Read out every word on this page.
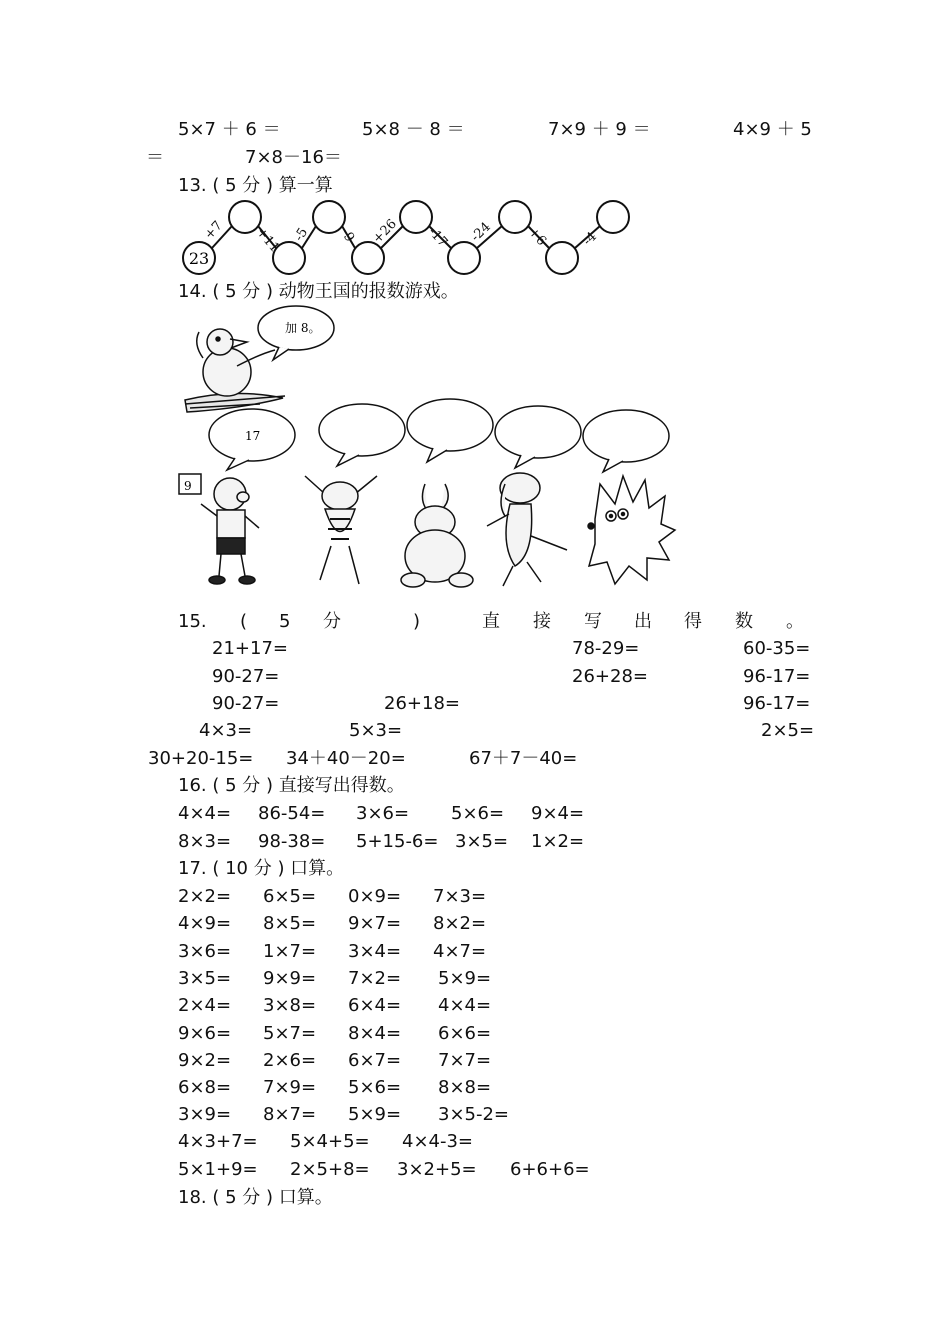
5×7 ＋ 6 ＝	5×8 － 8 ＝	7×9 ＋ 9 ＝	4×9 ＋ 5
＝	7×8－16＝
13. ( 5 分 ) 算一算
23
+7 +11 -5 -9 +26 -17 -24 +6 -4
14. ( 5 分 ) 动物王国的报数游戏。
加 8。
17
9
15. ( 5 分	)	直 接 写 出 得 数 。
21+17=	78-29=	60-35=
90-27=	26+28=	96-17=
90-27=	26+18=	96-17=
4×3=	5×3=	2×5=
30+20-15= 34＋40－20=	67＋7－40=
16. ( 5 分 ) 直接写出得数。
4×4= 86-54= 3×6= 5×6= 9×4=
8×3= 98-38= 5+15-6= 3×5= 1×2=
17. ( 10 分 ) 口算。
2×2= 6×5= 0×9= 7×3=
4×9= 8×5= 9×7= 8×2=
3×6= 1×7= 3×4= 4×7=
3×5= 9×9= 7×2= 5×9=
2×4= 3×8= 6×4= 4×4=
9×6= 5×7= 8×4= 6×6=
9×2= 2×6= 6×7= 7×7=
6×8= 7×9= 5×6= 8×8=
3×9= 8×7= 5×9= 3×5-2=
4×3+7= 5×4+5= 4×4-3=
5×1+9= 2×5+8= 3×2+5= 6+6+6=
18. ( 5 分 ) 口算。
